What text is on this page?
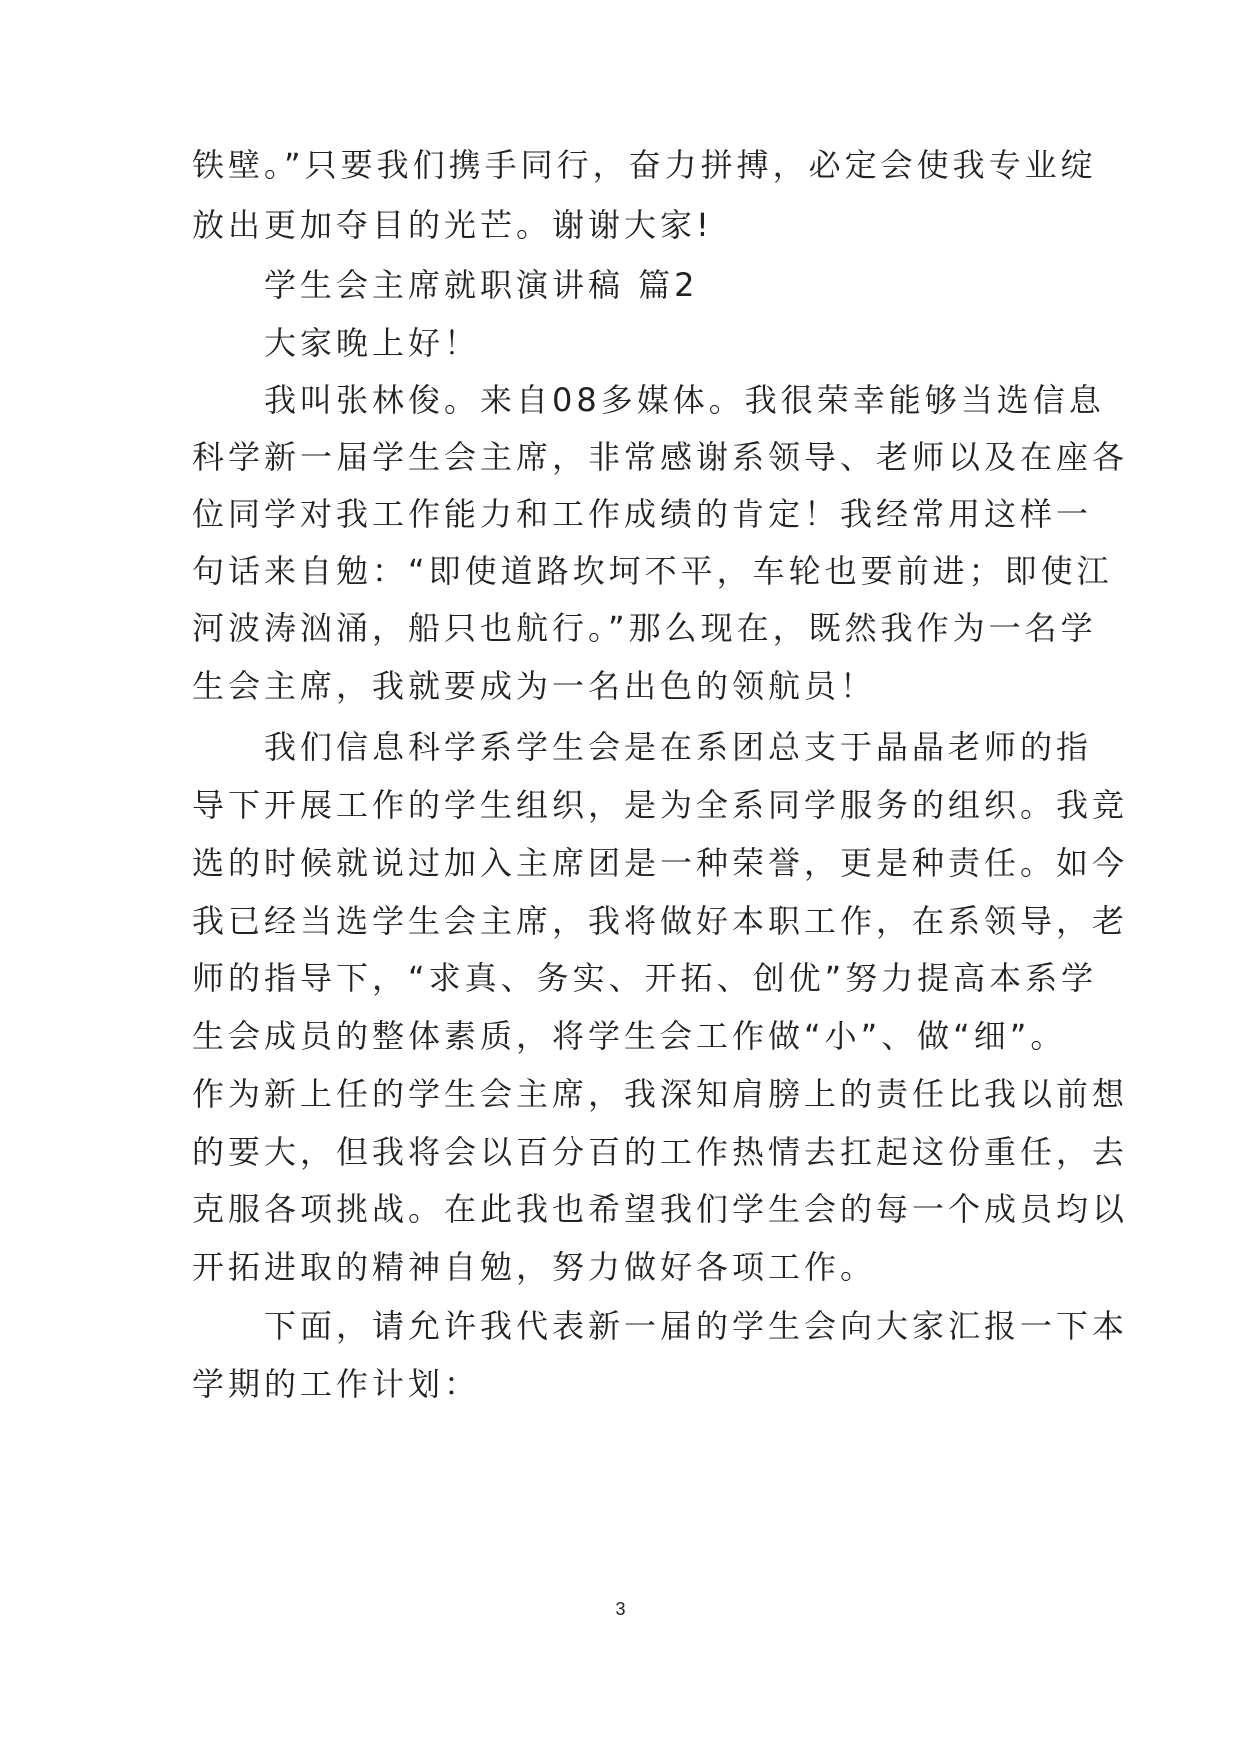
铁壁。”只要我们携手同行，奋力拼搏，必定会使我专业绽
放出更加夺目的光芒。谢谢大家!
学生会主席就职演讲稿 篇2
大家晚上好！
我叫张林俊。来自08多媒体。我很荣幸能够当选信息
科学新一届学生会主席，非常感谢系领导、老师以及在座各
位同学对我工作能力和工作成绩的肯定！我经常用这样一
句话来自勉：“即使道路坎坷不平，车轮也要前进；即使江
河波涛汹涌，船只也航行。”那么现在，既然我作为一名学
生会主席，我就要成为一名出色的领航员！
我们信息科学系学生会是在系团总支于晶晶老师的指
导下开展工作的学生组织，是为全系同学服务的组织。我竞
选的时候就说过加入主席团是一种荣誉，更是种责任。如今
我已经当选学生会主席，我将做好本职工作，在系领导，老
师的指导下，“求真、务实、开拓、创优”努力提高本系学
生会成员的整体素质，将学生会工作做“小”、做“细”。
作为新上任的学生会主席，我深知肩膀上的责任比我以前想
的要大，但我将会以百分百的工作热情去扛起这份重任，去
克服各项挑战。在此我也希望我们学生会的每一个成员均以
开拓进取的精神自勉，努力做好各项工作。
下面，请允许我代表新一届的学生会向大家汇报一下本
学期的工作计划：
3
